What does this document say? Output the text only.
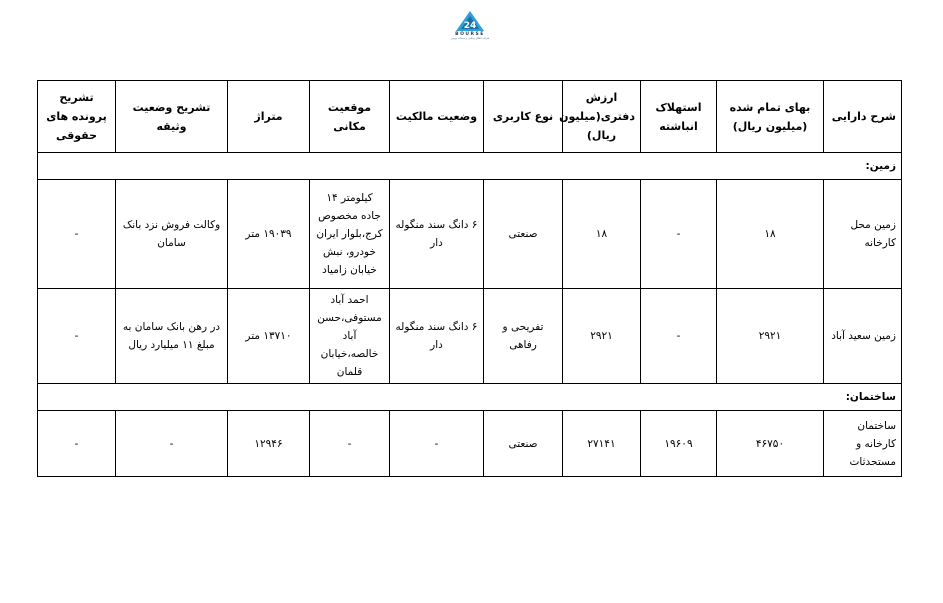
24
BOURSE
شرکت اطلاع رسانی و خدمات بورس
شرح دارایی	بهای تمام شده (میلیون ریال)	استهلاک انباشته	ارزش دفتری(میلیون ریال)	نوع کاربری	وضعیت مالکیت	موقعیت مکانی	متراژ	تشریح وضعیت وثیقه	تشریح پرونده های حقوقی
زمین:									
زمین محل کارخانه	۱۸	-	۱۸	صنعتی	۶ دانگ سند منگوله دار	کیلومتر ۱۴ جاده مخصوص کرج،بلوار ایران خودرو، نبش خیابان زامیاد	۱۹۰۳۹ متر	وکالت فروش نزد بانک سامان	-
زمین سعید آباد	۲۹۲۱	-	۲۹۲۱	تفریحی و رفاهی	۶ دانگ سند منگوله دار	احمد آباد مستوفی،حسن آباد خالصه،خیابان قلمان	۱۳۷۱۰ متر	در رهن بانک سامان به مبلغ ۱۱ میلیارد ریال	-
ساختمان:									
ساختمان کارخانه و مستحدثات	۴۶۷۵۰	۱۹۶۰۹	۲۷۱۴۱	صنعتی	-	-	۱۲۹۴۶	-	-
